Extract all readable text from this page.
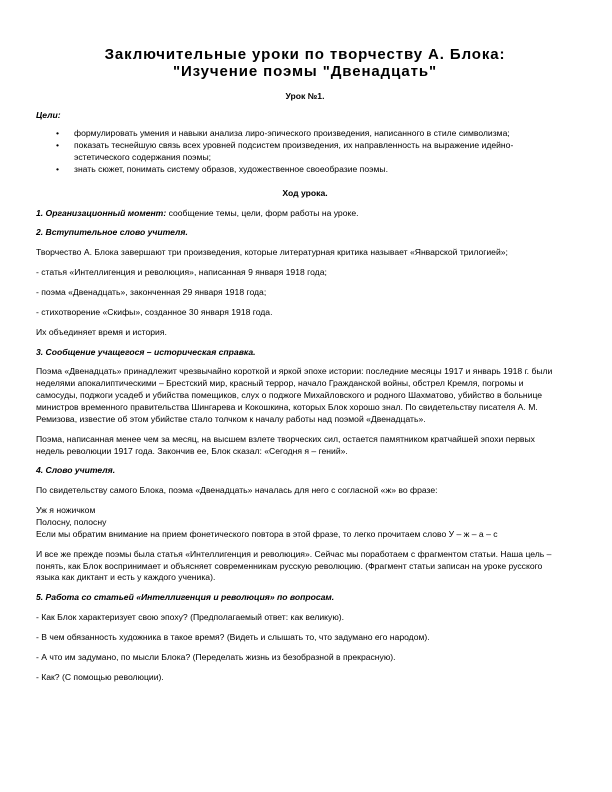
Заключительные уроки по творчеству А. Блока:
"Изучение поэмы "Двенадцать"
Урок №1.
Цели:
• формулировать умения и навыки анализа лиро-эпического произведения, написанного в стиле символизма;
• показать теснейшую связь всех уровней подсистем произведения, их направленность на выражение идейно-эстетического содержания поэмы;
• знать сюжет, понимать систему образов, художественное своеобразие поэмы.
Ход урока.

1. Организационный момент: сообщение темы, цели, форм работы на уроке.

2. Вступительное слово учителя.

Творчество А. Блока завершают три произведения, которые литературная критика называет «Январской трилогией»;

- статья «Интеллигенция и революция», написанная 9 января 1918 года;

- поэма «Двенадцать», законченная 29 января 1918 года;

- стихотворение «Скифы», созданное 30 января 1918 года.

Их объединяет время и история.

3. Сообщение учащегося – историческая справка.

Поэма «Двенадцать» принадлежит чрезвычайно короткой и яркой эпохе истории: последние месяцы 1917 и январь 1918 г. были неделями апокалиптическими – Брестский мир, красный террор, начало Гражданской войны, обстрел Кремля, погромы и самосуды, поджоги усадеб и убийства помещиков, слух о поджоге Михайловского и родного Шахматово, убийство в больнице министров временного правительства Шингарева и Кокошкина, которых Блок хорошо знал. По свидетельству писателя А. М. Ремизова, известие об этом убийстве стало толчком к началу работы над поэмой «Двенадцать».

Поэма, написанная менее чем за месяц, на высшем взлете творческих сил, остается памятником кратчайшей эпохи первых недель революции 1917 года. Закончив ее, Блок сказал: «Сегодня я – гений».

4. Слово учителя.

По свидетельству самого Блока, поэма «Двенадцать» началась для него с согласной «ж» во фразе:

Уж я ножичком

Полосну, полосну

Если мы обратим внимание на прием фонетического повтора в этой фразе, то легко прочитаем слово У – ж – а – с

И все же прежде поэмы была статья «Интеллигенция и революция». Сейчас мы поработаем с фрагментом статьи. Наша цель – понять, как Блок воспринимает и объясняет современникам русскую революцию. (Фрагмент статьи записан на уроке русского языка как диктант и есть у каждого ученика).

5. Работа со статьей «Интеллигенция и революция» по вопросам.

- Как Блок характеризует свою эпоху? (Предполагаемый ответ: как великую).

- В чем обязанность художника в такое время? (Видеть и слышать то, что задумано его народом).

- А что им задумано, по мысли Блока? (Переделать жизнь из безобразной в прекрасную).

- Как? (С помощью революции).
